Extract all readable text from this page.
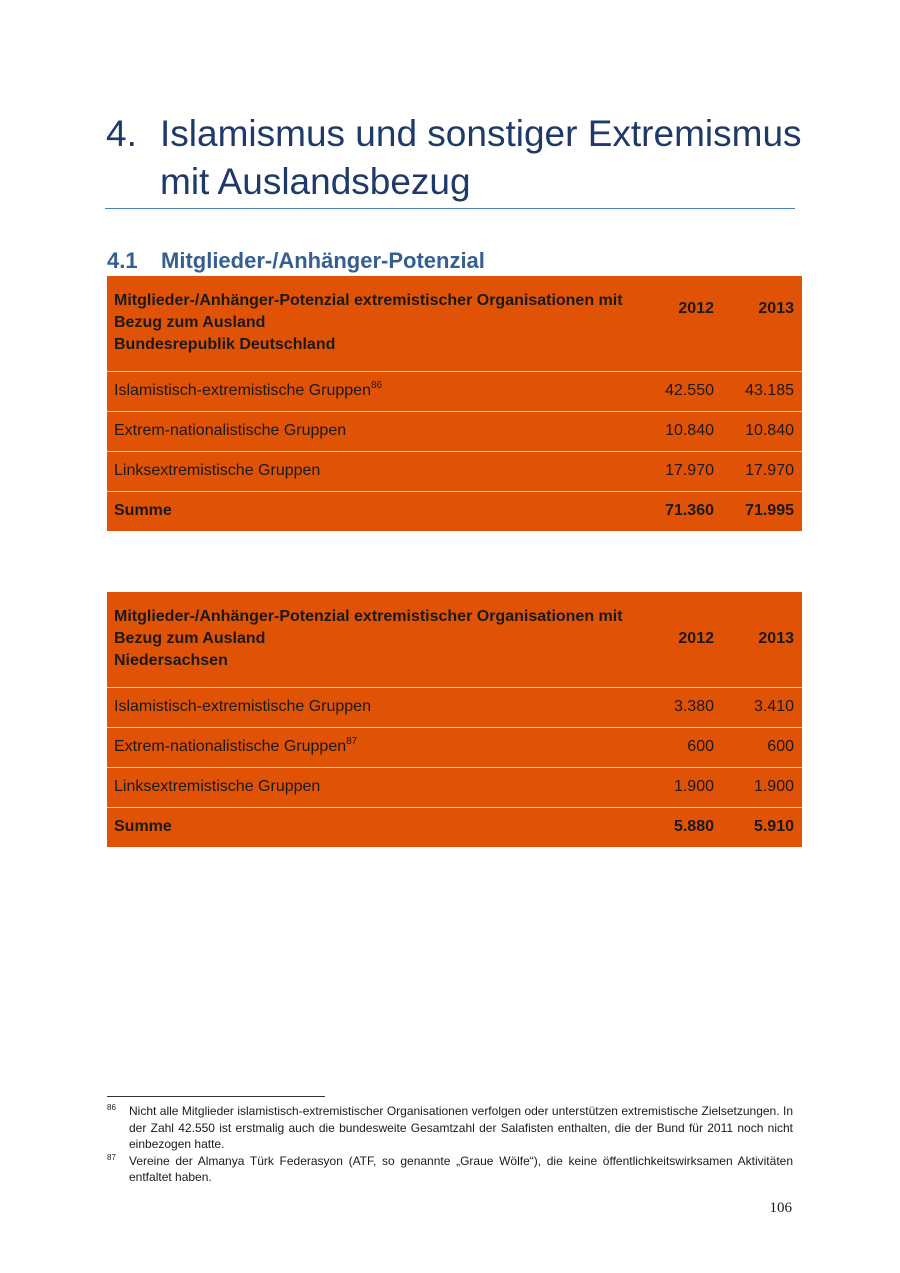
4. Islamismus und sonstiger Extremismus mit Auslandsbezug
4.1 Mitglieder-/Anhänger-Potenzial
Mitglieder-/Anhänger-Potenzial extremistischer Organisationen mit
Bezug zum Ausland
Bundesrepublik Deutschland	2012	2013
Islamistisch-extremistische Gruppen$^{86}$	42.550	43.185
Extrem-nationalistische Gruppen	10.840	10.840
Linksextremistische Gruppen	17.970	17.970
Summe	71.360	71.995
Mitglieder-/Anhänger-Potenzial extremistischer Organisationen mit
Bezug zum Ausland
Niedersachsen	2012	2013
Islamistisch-extremistische Gruppen	3.380	3.410
Extrem-nationalistische Gruppen$^{87}$	600	600
Linksextremistische Gruppen	1.900	1.900
Summe	5.880	5.910
86 Nicht alle Mitglieder islamistisch-extremistischer Organisationen verfolgen oder unterstützen extremistische Zielsetzungen. In der Zahl 42.550 ist erstmalig auch die bundesweite Gesamtzahl der Salafisten enthalten, die der Bund für 2011 noch nicht einbezogen hatte.
87 Vereine der Almanya Türk Federasyon (ATF, so genannte „Graue Wölfe“), die keine öffentlichkeitswirksamen Aktivitäten entfaltet haben.
106
